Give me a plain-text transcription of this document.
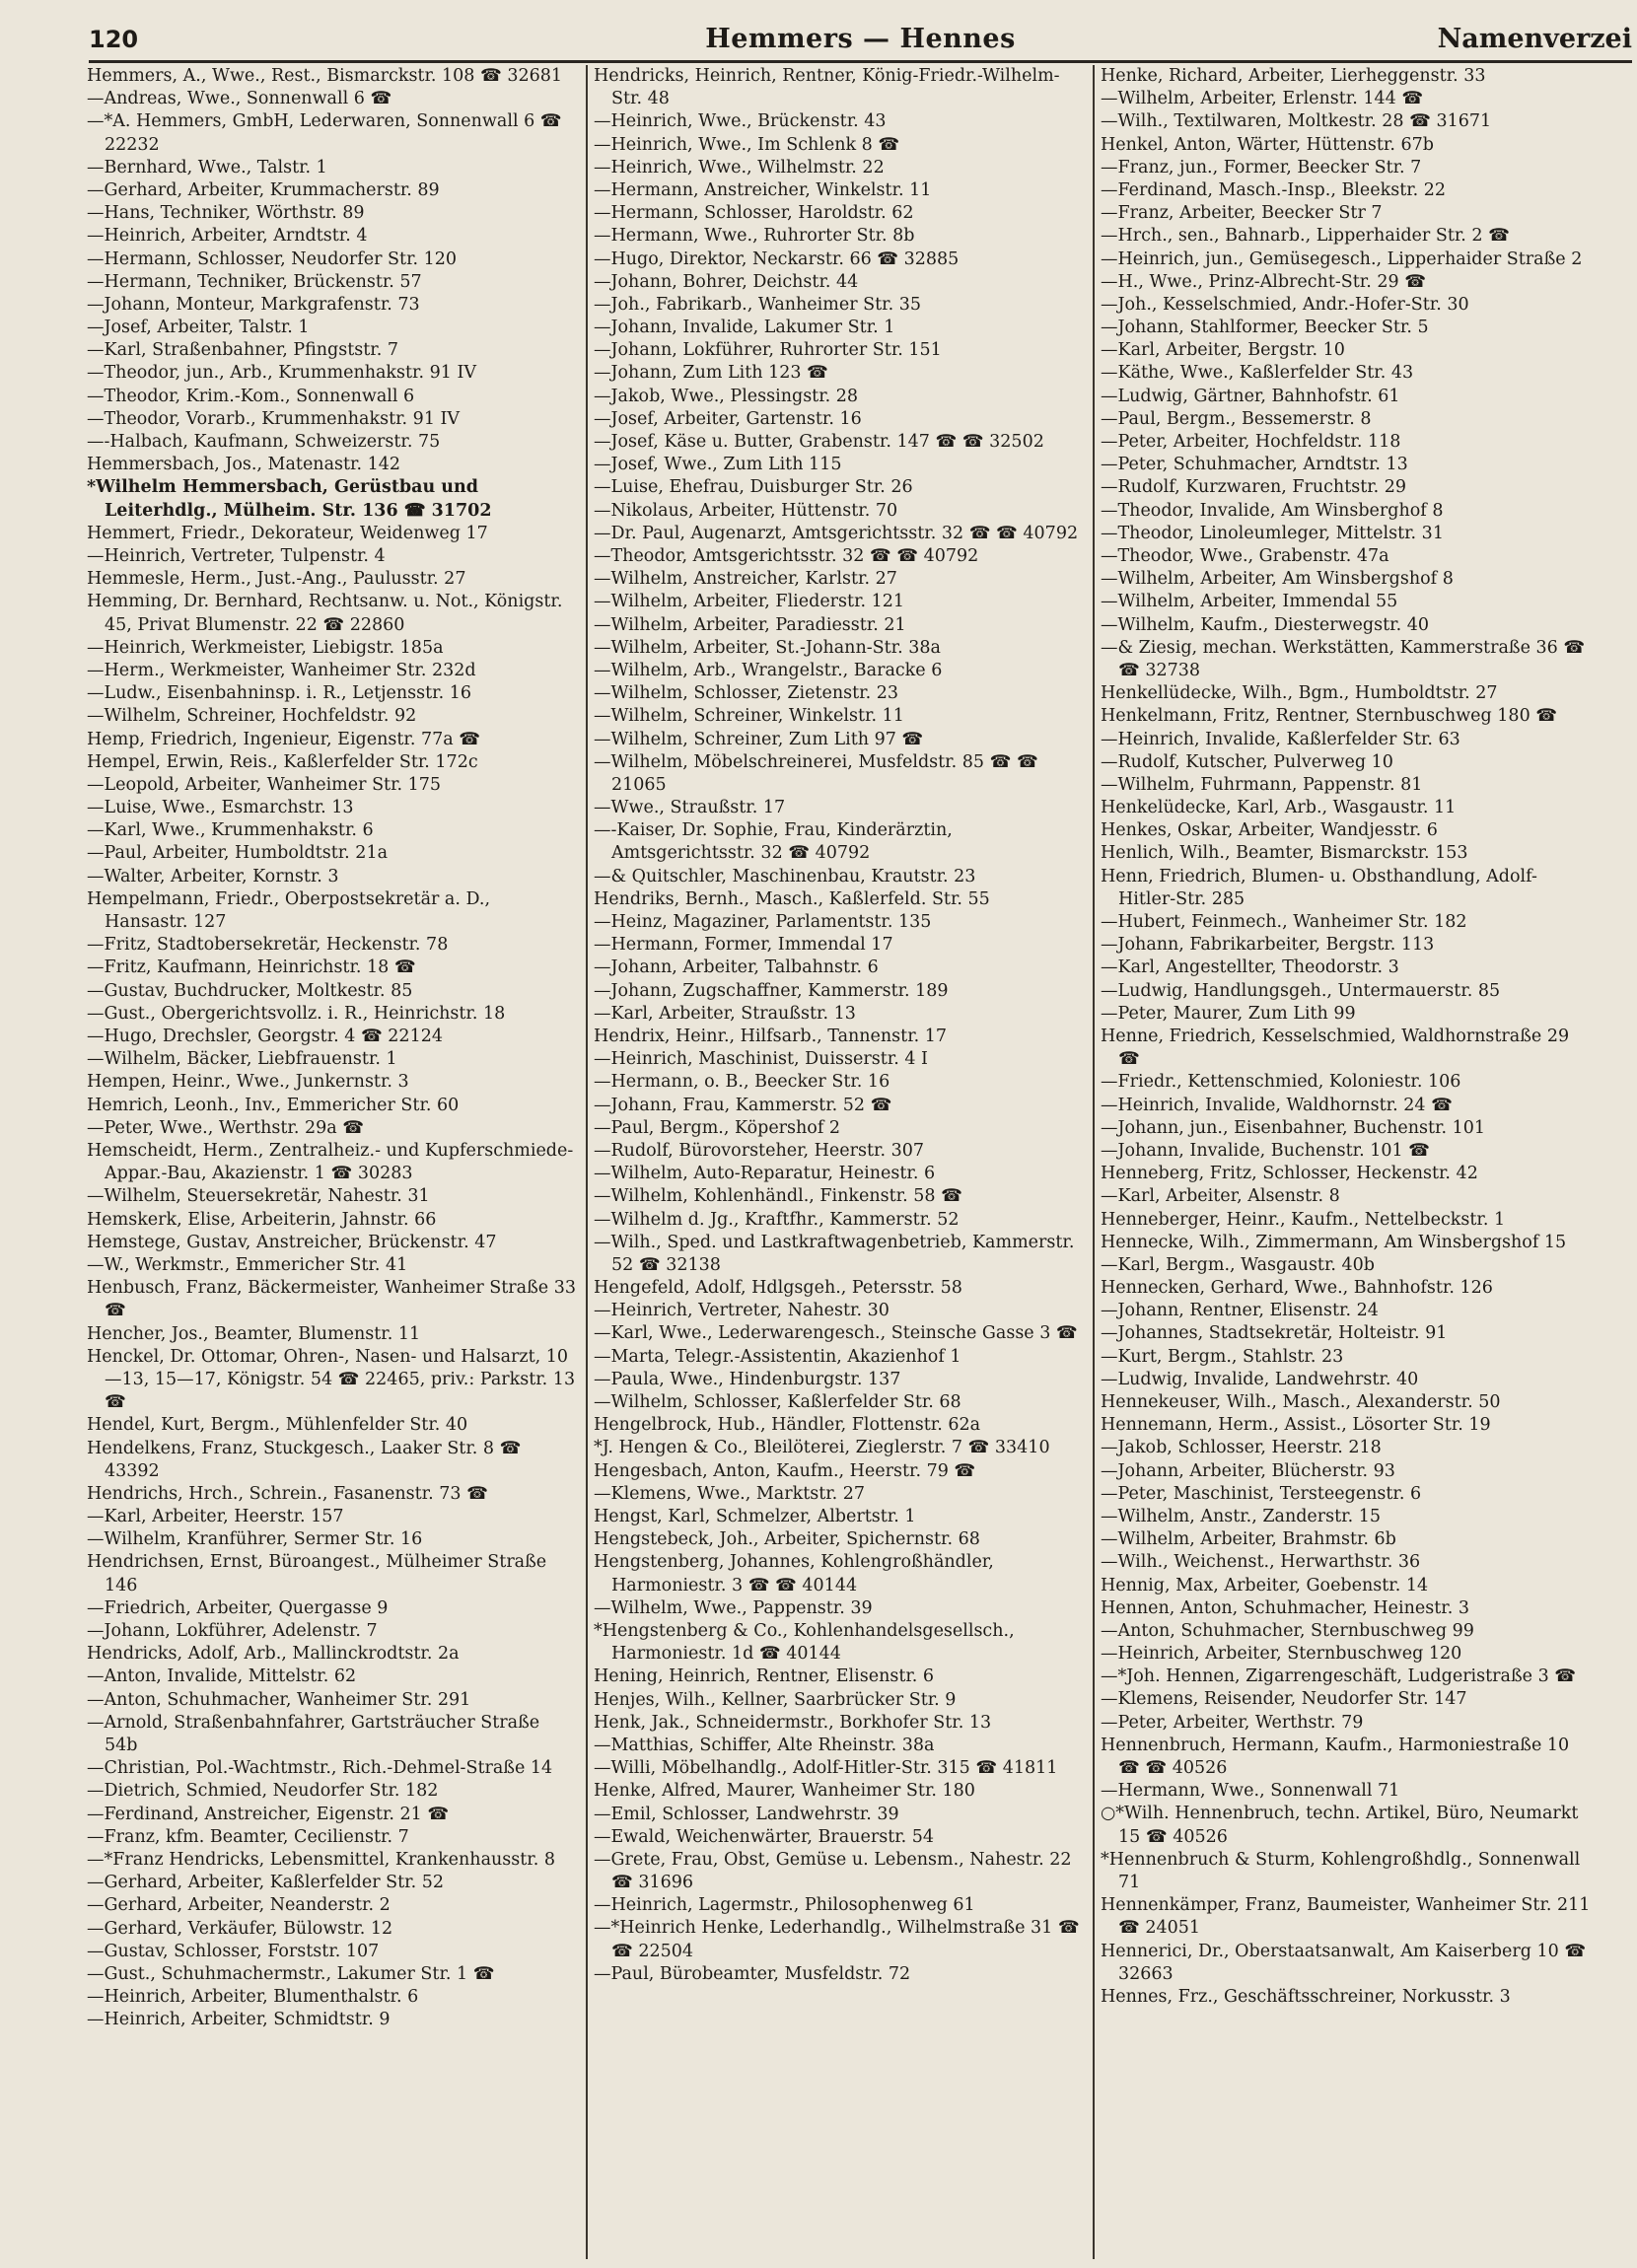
120	Hemmers — Hennes	Namenverzei
Hemmers, A., Wwe., Rest., Bismarckstr. 108 ☎ 32681
—Andreas, Wwe., Sonnenwall 6 ☎
—*A. Hemmers, GmbH, Lederwaren, Sonnenwall 6 ☎ 22232
—Bernhard, Wwe., Talstr. 1
—Gerhard, Arbeiter, Krummacherstr. 89
—Hans, Techniker, Wörthstr. 89
—Heinrich, Arbeiter, Arndtstr. 4
—Hermann, Schlosser, Neudorfer Str. 120
—Hermann, Techniker, Brückenstr. 57
—Johann, Monteur, Markgrafenstr. 73
—Josef, Arbeiter, Talstr. 1
—Karl, Straßenbahner, Pfingststr. 7
—Theodor, jun., Arb., Krummenhakstr. 91 IV
—Theodor, Krim.-Kom., Sonnenwall 6
—Theodor, Vorarb., Krummenhakstr. 91 IV
—-Halbach, Kaufmann, Schweizerstr. 75
Hemmersbach, Jos., Matenastr. 142
*Wilhelm Hemmersbach, Gerüstbau und Leiterhdlg., Mülheim. Str. 136 ☎ 31702
Hemmert, Friedr., Dekorateur, Weidenweg 17
—Heinrich, Vertreter, Tulpenstr. 4
Hemmesle, Herm., Just.-Ang., Paulusstr. 27
Hemming, Dr. Bernhard, Rechtsanw. u. Not., Königstr. 45, Privat Blumenstr. 22 ☎ 22860
—Heinrich, Werkmeister, Liebigstr. 185a
—Herm., Werkmeister, Wanheimer Str. 232d
—Ludw., Eisenbahninsp. i. R., Letjensstr. 16
—Wilhelm, Schreiner, Hochfeldstr. 92
Hemp, Friedrich, Ingenieur, Eigenstr. 77a ☎
Hempel, Erwin, Reis., Kaßlerfelder Str. 172c
—Leopold, Arbeiter, Wanheimer Str. 175
—Luise, Wwe., Esmarchstr. 13
—Karl, Wwe., Krummenhakstr. 6
—Paul, Arbeiter, Humboldtstr. 21a
—Walter, Arbeiter, Kornstr. 3
Hempelmann, Friedr., Oberpostsekretär a. D., Hansastr. 127
—Fritz, Stadtobersekretär, Heckenstr. 78
—Fritz, Kaufmann, Heinrichstr. 18 ☎
—Gustav, Buchdrucker, Moltkestr. 85
—Gust., Obergerichtsvollz. i. R., Heinrichstr. 18
—Hugo, Drechsler, Georgstr. 4 ☎ 22124
—Wilhelm, Bäcker, Liebfrauenstr. 1
Hempen, Heinr., Wwe., Junkernstr. 3
Hemrich, Leonh., Inv., Emmericher Str. 60
—Peter, Wwe., Werthstr. 29a ☎
Hemscheidt, Herm., Zentralheiz.- und Kupferschmiede-Appar.-Bau, Akazienstr. 1 ☎ 30283
—Wilhelm, Steuersekretär, Nahestr. 31
Hemskerk, Elise, Arbeiterin, Jahnstr. 66
Hemstege, Gustav, Anstreicher, Brückenstr. 47
—W., Werkmstr., Emmericher Str. 41
Henbusch, Franz, Bäckermeister, Wanheimer Straße 33 ☎
Hencher, Jos., Beamter, Blumenstr. 11
Henckel, Dr. Ottomar, Ohren-, Nasen- und Halsarzt, 10—13, 15—17, Königstr. 54 ☎ 22465, priv.: Parkstr. 13 ☎
Hendel, Kurt, Bergm., Mühlenfelder Str. 40
Hendelkens, Franz, Stuckgesch., Laaker Str. 8 ☎ 43392
Hendrichs, Hrch., Schrein., Fasanenstr. 73 ☎
—Karl, Arbeiter, Heerstr. 157
—Wilhelm, Kranführer, Sermer Str. 16
Hendrichsen, Ernst, Büroangest., Mülheimer Straße 146
—Friedrich, Arbeiter, Quergasse 9
—Johann, Lokführer, Adelenstr. 7
Hendricks, Adolf, Arb., Mallinckrodtstr. 2a
—Anton, Invalide, Mittelstr. 62
—Anton, Schuhmacher, Wanheimer Str. 291
—Arnold, Straßenbahnfahrer, Gartsträucher Straße 54b
—Christian, Pol.-Wachtmstr., Rich.-Dehmel-Straße 14
—Dietrich, Schmied, Neudorfer Str. 182
—Ferdinand, Anstreicher, Eigenstr. 21 ☎
—Franz, kfm. Beamter, Cecilienstr. 7
—*Franz Hendricks, Lebensmittel, Krankenhausstr. 8
—Gerhard, Arbeiter, Kaßlerfelder Str. 52
—Gerhard, Arbeiter, Neanderstr. 2
—Gerhard, Verkäufer, Bülowstr. 12
—Gustav, Schlosser, Forststr. 107
—Gust., Schuhmachermstr., Lakumer Str. 1 ☎
—Heinrich, Arbeiter, Blumenthalstr. 6
—Heinrich, Arbeiter, Schmidtstr. 9
Hendricks, Heinrich, Rentner, König-Friedr.-Wilhelm-Str. 48
—Heinrich, Wwe., Brückenstr. 43
—Heinrich, Wwe., Im Schlenk 8 ☎
—Heinrich, Wwe., Wilhelmstr. 22
—Hermann, Anstreicher, Winkelstr. 11
—Hermann, Schlosser, Haroldstr. 62
—Hermann, Wwe., Ruhrorter Str. 8b
—Hugo, Direktor, Neckarstr. 66 ☎ 32885
—Johann, Bohrer, Deichstr. 44
—Joh., Fabrikarb., Wanheimer Str. 35
—Johann, Invalide, Lakumer Str. 1
—Johann, Lokführer, Ruhrorter Str. 151
—Johann, Zum Lith 123 ☎
—Jakob, Wwe., Plessingstr. 28
—Josef, Arbeiter, Gartenstr. 16
—Josef, Käse u. Butter, Grabenstr. 147 ☎ ☎ 32502
—Josef, Wwe., Zum Lith 115
—Luise, Ehefrau, Duisburger Str. 26
—Nikolaus, Arbeiter, Hüttenstr. 70
—Dr. Paul, Augenarzt, Amtsgerichtsstr. 32 ☎ ☎ 40792
—Theodor, Amtsgerichtsstr. 32 ☎ ☎ 40792
—Wilhelm, Anstreicher, Karlstr. 27
—Wilhelm, Arbeiter, Fliederstr. 121
—Wilhelm, Arbeiter, Paradiesstr. 21
—Wilhelm, Arbeiter, St.-Johann-Str. 38a
—Wilhelm, Arb., Wrangelstr., Baracke 6
—Wilhelm, Schlosser, Zietenstr. 23
—Wilhelm, Schreiner, Winkelstr. 11
—Wilhelm, Schreiner, Zum Lith 97 ☎
—Wilhelm, Möbelschreinerei, Musfeldstr. 85 ☎ ☎ 21065
—Wwe., Straußstr. 17
—-Kaiser, Dr. Sophie, Frau, Kinderärztin, Amtsgerichtsstr. 32 ☎ 40792
—& Quitschler, Maschinenbau, Krautstr. 23
Hendriks, Bernh., Masch., Kaßlerfeld. Str. 55
—Heinz, Magaziner, Parlamentstr. 135
—Hermann, Former, Immendal 17
—Johann, Arbeiter, Talbahnstr. 6
—Johann, Zugschaffner, Kammerstr. 189
—Karl, Arbeiter, Straußstr. 13
Hendrix, Heinr., Hilfsarb., Tannenstr. 17
—Heinrich, Maschinist, Duisserstr. 4 I
—Hermann, o. B., Beecker Str. 16
—Johann, Frau, Kammerstr. 52 ☎
—Paul, Bergm., Köpershof 2
—Rudolf, Bürovorsteher, Heerstr. 307
—Wilhelm, Auto-Reparatur, Heinestr. 6
—Wilhelm, Kohlenhändl., Finkenstr. 58 ☎
—Wilhelm d. Jg., Kraftfhr., Kammerstr. 52
—Wilh., Sped. und Lastkraftwagenbetrieb, Kammerstr. 52 ☎ 32138
Hengefeld, Adolf, Hdlgsgeh., Petersstr. 58
—Heinrich, Vertreter, Nahestr. 30
—Karl, Wwe., Lederwarengesch., Steinsche Gasse 3 ☎
—Marta, Telegr.-Assistentin, Akazienhof 1
—Paula, Wwe., Hindenburgstr. 137
—Wilhelm, Schlosser, Kaßlerfelder Str. 68
Hengelbrock, Hub., Händler, Flottenstr. 62a
*J. Hengen & Co., Bleilöterei, Zieglerstr. 7 ☎ 33410
Hengesbach, Anton, Kaufm., Heerstr. 79 ☎
—Klemens, Wwe., Marktstr. 27
Hengst, Karl, Schmelzer, Albertstr. 1
Hengstebeck, Joh., Arbeiter, Spichernstr. 68
Hengstenberg, Johannes, Kohlengroßhändler, Harmoniestr. 3 ☎ ☎ 40144
—Wilhelm, Wwe., Pappenstr. 39
*Hengstenberg & Co., Kohlenhandelsgesellsch., Harmoniestr. 1d ☎ 40144
Hening, Heinrich, Rentner, Elisenstr. 6
Henjes, Wilh., Kellner, Saarbrücker Str. 9
Henk, Jak., Schneidermstr., Borkhofer Str. 13
—Matthias, Schiffer, Alte Rheinstr. 38a
—Willi, Möbelhandlg., Adolf-Hitler-Str. 315 ☎ 41811
Henke, Alfred, Maurer, Wanheimer Str. 180
—Emil, Schlosser, Landwehrstr. 39
—Ewald, Weichenwärter, Brauerstr. 54
—Grete, Frau, Obst, Gemüse u. Lebensm., Nahestr. 22 ☎ 31696
—Heinrich, Lagermstr., Philosophenweg 61
—*Heinrich Henke, Lederhandlg., Wilhelmstraße 31 ☎ ☎ 22504
—Paul, Bürobeamter, Musfeldstr. 72
Henke, Richard, Arbeiter, Lierheggenstr. 33
—Wilhelm, Arbeiter, Erlenstr. 144 ☎
—Wilh., Textilwaren, Moltkestr. 28 ☎ 31671
Henkel, Anton, Wärter, Hüttenstr. 67b
—Franz, jun., Former, Beecker Str. 7
—Ferdinand, Masch.-Insp., Bleekstr. 22
—Franz, Arbeiter, Beecker Str 7
—Hrch., sen., Bahnarb., Lipperhaider Str. 2 ☎
—Heinrich, jun., Gemüsegesch., Lipperhaider Straße 2
—H., Wwe., Prinz-Albrecht-Str. 29 ☎
—Joh., Kesselschmied, Andr.-Hofer-Str. 30
—Johann, Stahlformer, Beecker Str. 5
—Karl, Arbeiter, Bergstr. 10
—Käthe, Wwe., Kaßlerfelder Str. 43
—Ludwig, Gärtner, Bahnhofstr. 61
—Paul, Bergm., Bessemerstr. 8
—Peter, Arbeiter, Hochfeldstr. 118
—Peter, Schuhmacher, Arndtstr. 13
—Rudolf, Kurzwaren, Fruchtstr. 29
—Theodor, Invalide, Am Winsberghof 8
—Theodor, Linoleumleger, Mittelstr. 31
—Theodor, Wwe., Grabenstr. 47a
—Wilhelm, Arbeiter, Am Winsbergshof 8
—Wilhelm, Arbeiter, Immendal 55
—Wilhelm, Kaufm., Diesterwegstr. 40
—& Ziesig, mechan. Werkstätten, Kammerstraße 36 ☎ ☎ 32738
Henkellüdecke, Wilh., Bgm., Humboldtstr. 27
Henkelmann, Fritz, Rentner, Sternbuschweg 180 ☎
—Heinrich, Invalide, Kaßlerfelder Str. 63
—Rudolf, Kutscher, Pulverweg 10
—Wilhelm, Fuhrmann, Pappenstr. 81
Henkelüdecke, Karl, Arb., Wasgaustr. 11
Henkes, Oskar, Arbeiter, Wandjesstr. 6
Henlich, Wilh., Beamter, Bismarckstr. 153
Henn, Friedrich, Blumen- u. Obsthandlung, Adolf-Hitler-Str. 285
—Hubert, Feinmech., Wanheimer Str. 182
—Johann, Fabrikarbeiter, Bergstr. 113
—Karl, Angestellter, Theodorstr. 3
—Ludwig, Handlungsgeh., Untermauerstr. 85
—Peter, Maurer, Zum Lith 99
Henne, Friedrich, Kesselschmied, Waldhornstraße 29 ☎
—Friedr., Kettenschmied, Koloniestr. 106
—Heinrich, Invalide, Waldhornstr. 24 ☎
—Johann, jun., Eisenbahner, Buchenstr. 101
—Johann, Invalide, Buchenstr. 101 ☎
Henneberg, Fritz, Schlosser, Heckenstr. 42
—Karl, Arbeiter, Alsenstr. 8
Henneberger, Heinr., Kaufm., Nettelbeckstr. 1
Hennecke, Wilh., Zimmermann, Am Winsbergshof 15
—Karl, Bergm., Wasgaustr. 40b
Hennecken, Gerhard, Wwe., Bahnhofstr. 126
—Johann, Rentner, Elisenstr. 24
—Johannes, Stadtsekretär, Holteistr. 91
—Kurt, Bergm., Stahlstr. 23
—Ludwig, Invalide, Landwehrstr. 40
Hennekeuser, Wilh., Masch., Alexanderstr. 50
Hennemann, Herm., Assist., Lösorter Str. 19
—Jakob, Schlosser, Heerstr. 218
—Johann, Arbeiter, Blücherstr. 93
—Peter, Maschinist, Tersteegenstr. 6
—Wilhelm, Anstr., Zanderstr. 15
—Wilhelm, Arbeiter, Brahmstr. 6b
—Wilh., Weichenst., Herwarthstr. 36
Hennig, Max, Arbeiter, Goebenstr. 14
Hennen, Anton, Schuhmacher, Heinestr. 3
—Anton, Schuhmacher, Sternbuschweg 99
—Heinrich, Arbeiter, Sternbuschweg 120
—*Joh. Hennen, Zigarrengeschäft, Ludgeristraße 3 ☎
—Klemens, Reisender, Neudorfer Str. 147
—Peter, Arbeiter, Werthstr. 79
Hennenbruch, Hermann, Kaufm., Harmoniestraße 10 ☎ ☎ 40526
—Hermann, Wwe., Sonnenwall 71
○*Wilh. Hennenbruch, techn. Artikel, Büro, Neumarkt 15 ☎ 40526
*Hennenbruch & Sturm, Kohlengroßhdlg., Sonnenwall 71
Hennenkämper, Franz, Baumeister, Wanheimer Str. 211 ☎ 24051
Hennerici, Dr., Oberstaatsanwalt, Am Kaiserberg 10 ☎ 32663
Hennes, Frz., Geschäftsschreiner, Norkusstr. 3
